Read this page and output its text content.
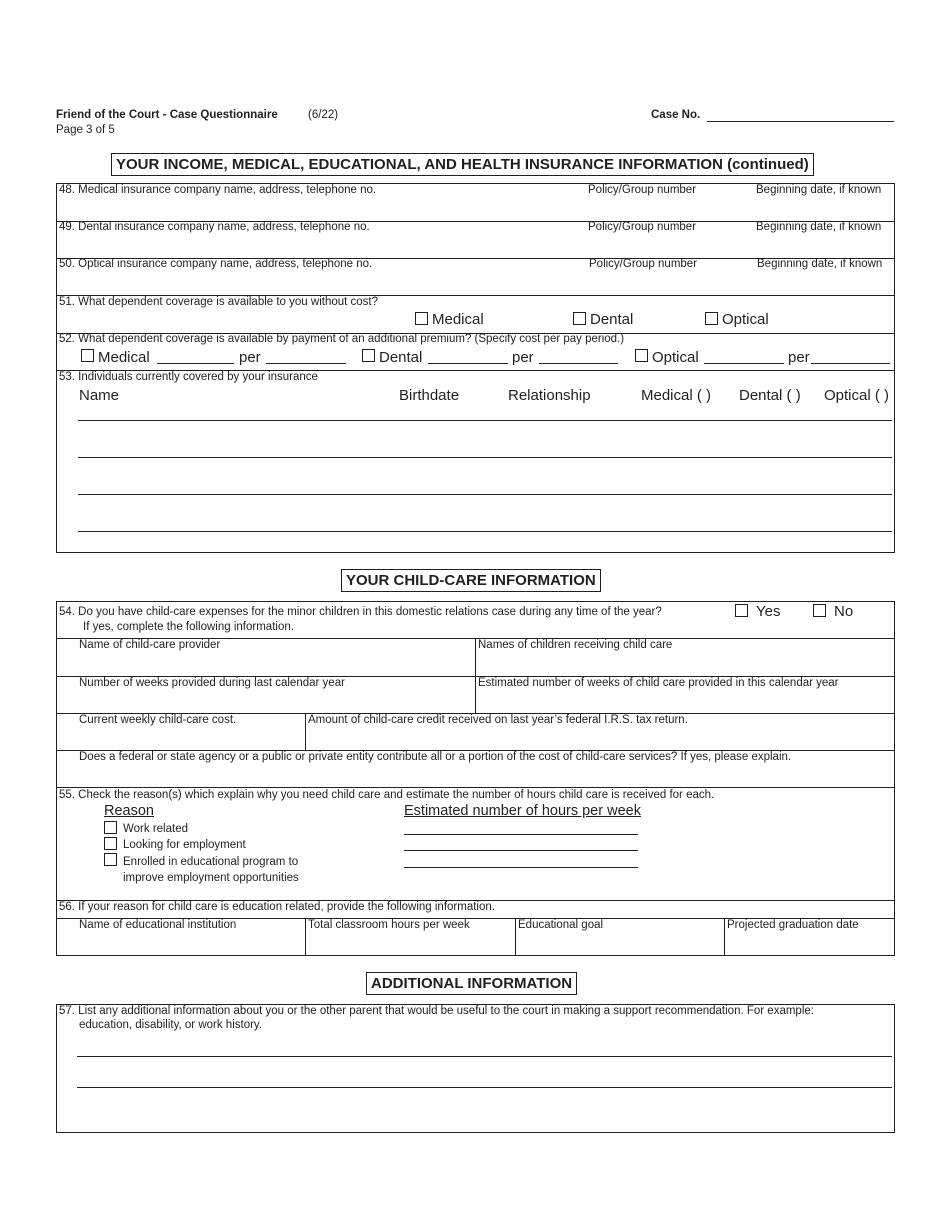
Friend of the Court - Case Questionnaire	(6/22)
Page 3 of 5
Case No.
YOUR INCOME, MEDICAL, EDUCATIONAL, AND HEALTH INSURANCE INFORMATION (continued)
48. Medical insurance company name, address, telephone no.	Policy/Group number	Beginning date, if known
49. Dental insurance company name, address, telephone no.	Policy/Group number	Beginning date, if known
50. Optical insurance company name, address, telephone no.	Policy/Group number	Beginning date, if known
51. What dependent coverage is available to you without cost?
Medical	Dental	Optical
52. What dependent coverage is available by payment of an additional premium? (Specify cost per pay period.)
Medical	per	Dental	per	Optical	per
53. Individuals currently covered by your insurance
Name	Birthdate	Relationship	Medical ( ) Dental ( ) Optical ( )
YOUR CHILD-CARE INFORMATION
54. Do you have child-care expenses for the minor children in this domestic relations case during any time of the year?
If yes, complete the following information.
Yes	No
Name of child-care provider	Names of children receiving child care
Number of weeks provided during last calendar year	Estimated number of weeks of child care provided in this calendar year
Current weekly child-care cost.	Amount of child-care credit received on last year’s federal I.R.S. tax return.
Does a federal or state agency or a public or private entity contribute all or a portion of the cost of child-care services? If yes, please explain.
55. Check the reason(s) which explain why you need child care and estimate the number of hours child care is received for each.
Reason	Estimated number of hours per week
Work related
Looking for employment
Enrolled in educational program to
improve employment opportunities
56. If your reason for child care is education related, provide the following information.
Name of educational institution	Total classroom hours per week	Educational goal	Projected graduation date
ADDITIONAL INFORMATION
57. List any additional information about you or the other parent that would be useful to the court in making a support recommendation. For example:
education, disability, or work history.
